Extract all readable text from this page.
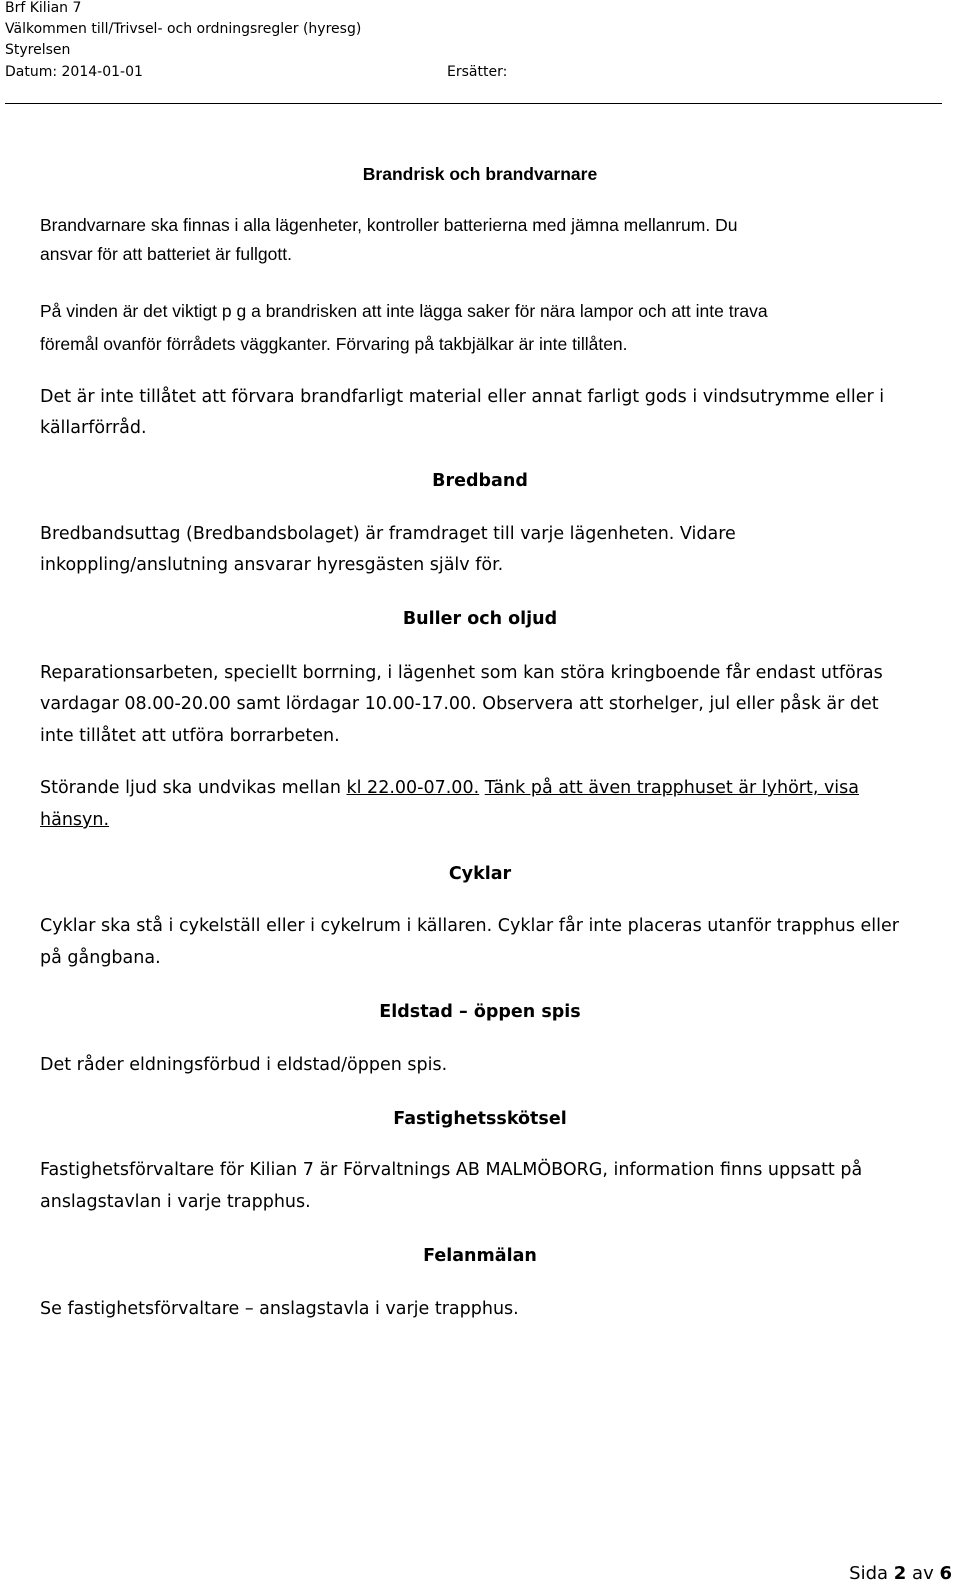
Brf Kilian 7
Välkommen till/Trivsel- och ordningsregler (hyresg)
Styrelsen
Datum: 2014-01-01	Ersätter:
Brandrisk och brandvarnare
Brandvarnare ska finnas i alla lägenheter, kontroller batterierna med jämna mellanrum. Du
ansvar för att batteriet är fullgott.
På vinden är det viktigt p g a brandrisken att inte lägga saker för nära lampor och att inte trava
föremål ovanför förrådets väggkanter. Förvaring på takbjälkar är inte tillåten.
Det är inte tillåtet att förvara brandfarligt material eller annat farligt gods i vindsutrymme eller i
källarförråd.
Bredband
Bredbandsuttag (Bredbandsbolaget) är framdraget till varje lägenheten. Vidare
inkoppling/anslutning ansvarar hyresgästen själv för.
Buller och oljud
Reparationsarbeten, speciellt borrning, i lägenhet som kan störa kringboende får endast utföras
vardagar 08.00-20.00 samt lördagar 10.00-17.00. Observera att storhelger, jul eller påsk är det
inte tillåtet att utföra borrarbeten.
Störande ljud ska undvikas mellan kl 22.00-07.00. Tänk på att även trapphuset är lyhört, visa
hänsyn.
Cyklar
Cyklar ska stå i cykelställ eller i cykelrum i källaren. Cyklar får inte placeras utanför trapphus eller
på gångbana.
Eldstad – öppen spis
Det råder eldningsförbud i eldstad/öppen spis.
Fastighetsskötsel
Fastighetsförvaltare för Kilian 7 är Förvaltnings AB MALMÖBORG, information finns uppsatt på
anslagstavlan i varje trapphus.
Felanmälan
Se fastighetsförvaltare – anslagstavla i varje trapphus.
Sida 2 av 6
